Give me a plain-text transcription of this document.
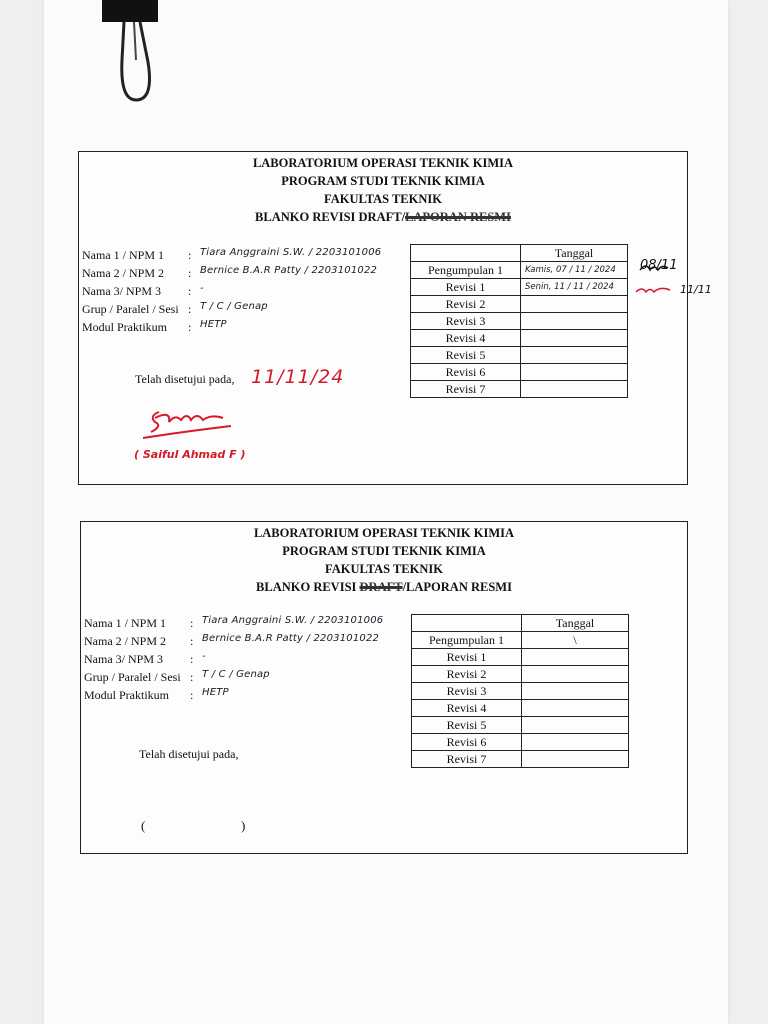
LABORATORIUM OPERASI TEKNIK KIMIA
PROGRAM STUDI TEKNIK KIMIA
FAKULTAS TEKNIK
BLANKO REVISI DRAFT/LAPORAN RESMI
Nama 1 / NPM 1 : Tiara Anggraini S.W. / 2203101006
Nama 2 / NPM 2 : Bernice B.A.R Patty / 2203101022
Nama 3/ NPM 3 : -
Grup / Paralel / Sesi : T / C / Genap
Modul Praktikum : HETP
	Tanggal
Pengumpulan 1	Kamis, 07 / 11 / 2024
Revisi 1	Senin, 11 / 11 / 2024
Revisi 2	
Revisi 3	
Revisi 4	
Revisi 5	
Revisi 6	
Revisi 7	
Telah disetujui pada, 11/11/24
( Saiful Ahmad F )
08/11
11/11
LABORATORIUM OPERASI TEKNIK KIMIA
PROGRAM STUDI TEKNIK KIMIA
FAKULTAS TEKNIK
BLANKO REVISI DRAFT/LAPORAN RESMI
Nama 1 / NPM 1 : Tiara Anggraini S.W. / 2203101006
Nama 2 / NPM 2 : Bernice B.A.R Patty / 2203101022
Nama 3/ NPM 3 : -
Grup / Paralel / Sesi : T / C / Genap
Modul Praktikum : HETP
	Tanggal
Pengumpulan 1	\
Revisi 1	
Revisi 2	
Revisi 3	
Revisi 4	
Revisi 5	
Revisi 6	
Revisi 7	
Telah disetujui pada,
(	)
